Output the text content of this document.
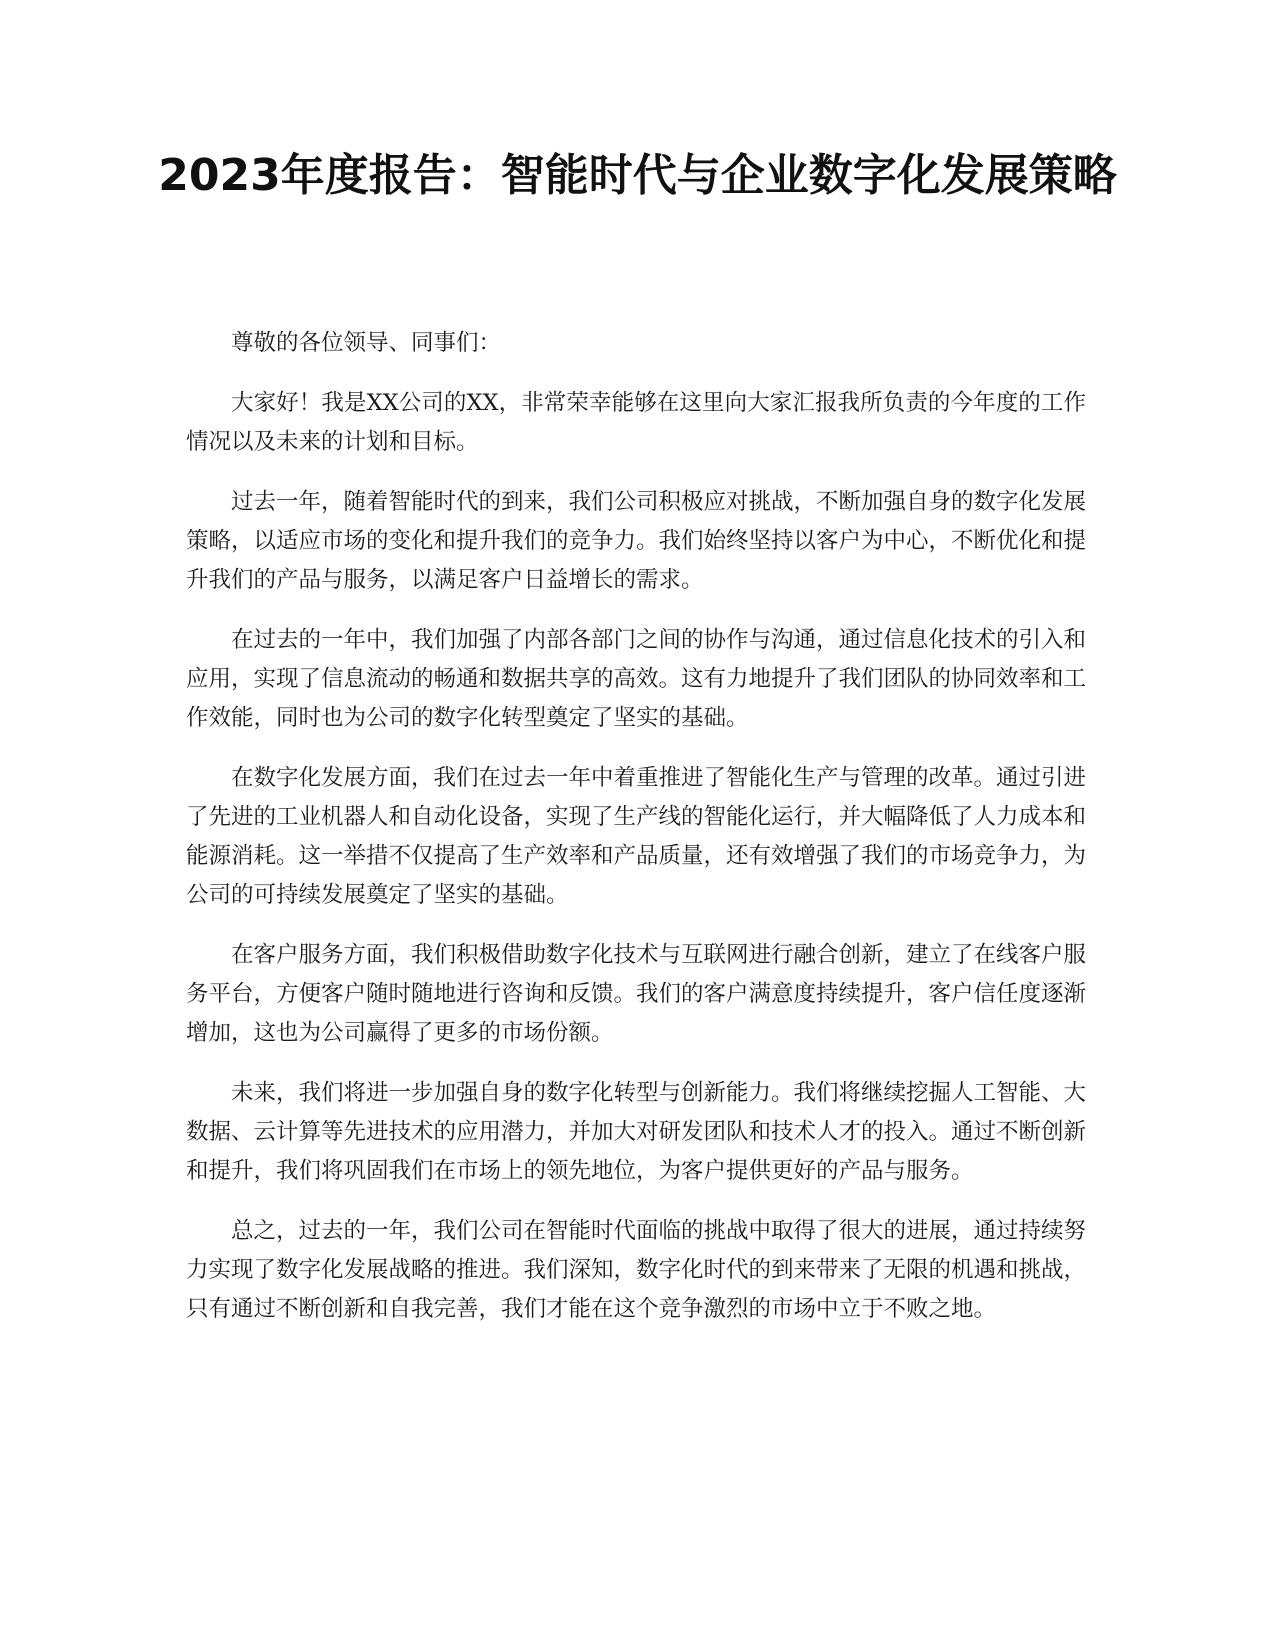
2023年度报告：智能时代与企业数字化发展策略

尊敬的各位领导、同事们：

大家好！我是XX公司的XX，非常荣幸能够在这里向大家汇报我所负责的今年度的工作情况以及未来的计划和目标。

过去一年，随着智能时代的到来，我们公司积极应对挑战，不断加强自身的数字化发展策略，以适应市场的变化和提升我们的竞争力。我们始终坚持以客户为中心，不断优化和提升我们的产品与服务，以满足客户日益增长的需求。

在过去的一年中，我们加强了内部各部门之间的协作与沟通，通过信息化技术的引入和应用，实现了信息流动的畅通和数据共享的高效。这有力地提升了我们团队的协同效率和工作效能，同时也为公司的数字化转型奠定了坚实的基础。

在数字化发展方面，我们在过去一年中着重推进了智能化生产与管理的改革。通过引进了先进的工业机器人和自动化设备，实现了生产线的智能化运行，并大幅降低了人力成本和能源消耗。这一举措不仅提高了生产效率和产品质量，还有效增强了我们的市场竞争力，为公司的可持续发展奠定了坚实的基础。

在客户服务方面，我们积极借助数字化技术与互联网进行融合创新，建立了在线客户服务平台，方便客户随时随地进行咨询和反馈。我们的客户满意度持续提升，客户信任度逐渐增加，这也为公司赢得了更多的市场份额。

未来，我们将进一步加强自身的数字化转型与创新能力。我们将继续挖掘人工智能、大数据、云计算等先进技术的应用潜力，并加大对研发团队和技术人才的投入。通过不断创新和提升，我们将巩固我们在市场上的领先地位，为客户提供更好的产品与服务。

总之，过去的一年，我们公司在智能时代面临的挑战中取得了很大的进展，通过持续努力实现了数字化发展战略的推进。我们深知，数字化时代的到来带来了无限的机遇和挑战，只有通过不断创新和自我完善，我们才能在这个竞争激烈的市场中立于不败之地。
